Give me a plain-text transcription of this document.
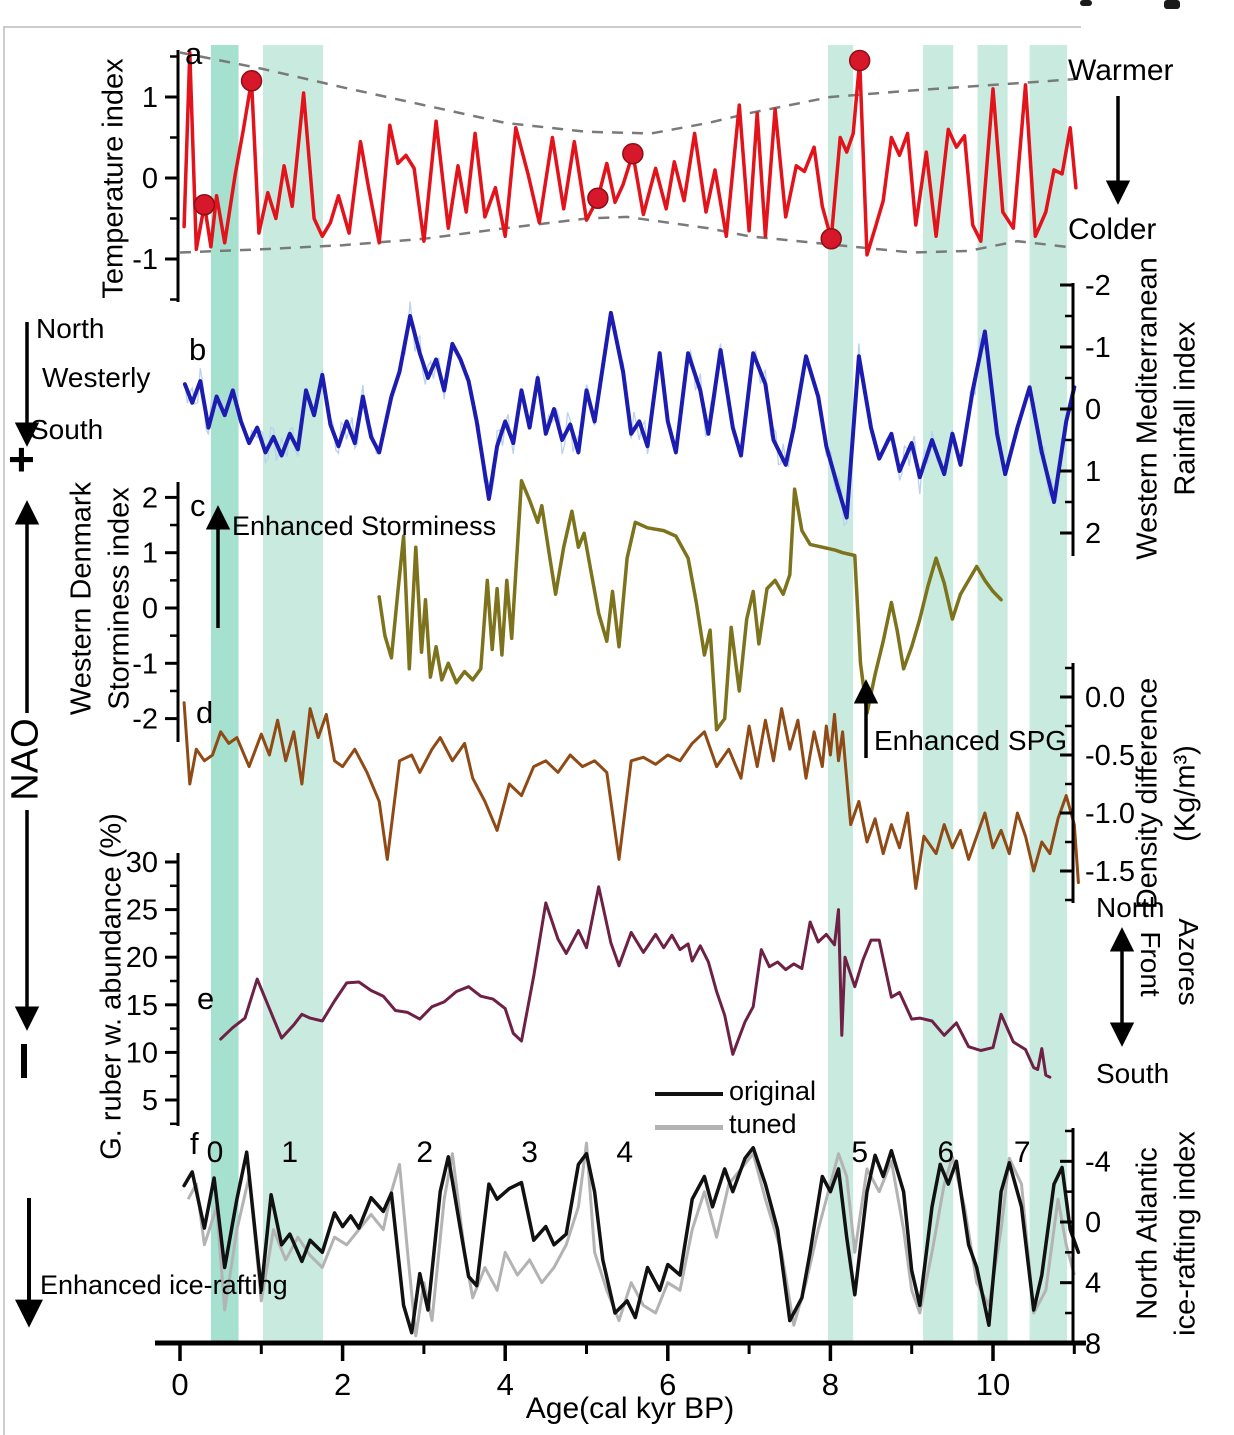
1
0
-1
-2
-1
0
1
2
2
1
0
-1
-2
0.0
-0.5
-1.0
-1.5
30
25
20
15
10
5
-4
0
4
8
0	2	4	6	8	10
0 1	2	3	4	5 6 7
a
b
c
d
e
f
Temperature index
Western Denmark Storminess index
G. ruber w. abundance (%)
NAO
Western Mediterranean Rainfall index
Density difference (Kg/m³)
Front Azores
North Atlantic ice-rafting index
Warmer
Colder
North
Westerly
South
+
Enhanced Storminess
Enhanced SPG
Enhanced ice-rafting
North
South
original
tuned
Age(cal kyr BP)
